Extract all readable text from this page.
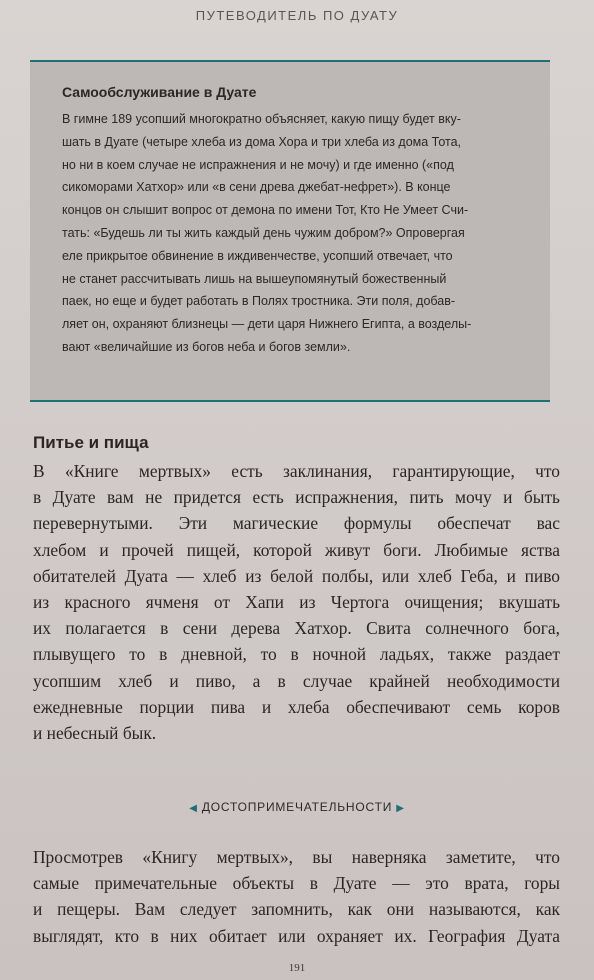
ПУТЕВОДИТЕЛЬ ПО ДУАТУ
Самообслуживание в Дуате
В гимне 189 усопший многократно объясняет, какую пищу будет вку-
шать в Дуате (четыре хлеба из дома Хора и три хлеба из дома Тота,
но ни в коем случае не испражнения и не мочу) и где именно («под
сикоморами Хатхор» или «в сени древа джебат-нефрет»). В конце
концов он слышит вопрос от демона по имени Тот, Кто Не Умеет Счи-
тать: «Будешь ли ты жить каждый день чужим добром?» Опровергая
еле прикрытое обвинение в иждивенчестве, усопший отвечает, что
не станет рассчитывать лишь на вышеупомянутый божественный
паек, но еще и будет работать в Полях тростника. Эти поля, добав-
ляет он, охраняют близнецы — дети царя Нижнего Египта, а возделы-
вают «величайшие из богов неба и богов земли».
Питье и пища
В «Книге мертвых» есть заклинания, гарантирующие, что
в Дуате вам не придется есть испражнения, пить мочу и быть
перевернутыми. Эти магические формулы обеспечат вас
хлебом и прочей пищей, которой живут боги. Любимые яства
обитателей Дуата — хлеб из белой полбы, или хлеб Геба, и пиво
из красного ячменя от Хапи из Чертога очищения; вкушать
их полагается в сени дерева Хатхор. Свита солнечного бога,
плывущего то в дневной, то в ночной ладьях, также раздает
усопшим хлеб и пиво, а в случае крайней необходимости
ежедневные порции пива и хлеба обеспечивают семь коров
и небесный бык.
◀ ДОСТОПРИМЕЧАТЕЛЬНОСТИ ▶
Просмотрев «Книгу мертвых», вы наверняка заметите, что
самые примечательные объекты в Дуате — это врата, горы
и пещеры. Вам следует запомнить, как они называются, как
выглядят, кто в них обитает или охраняет их. География Дуата
191
